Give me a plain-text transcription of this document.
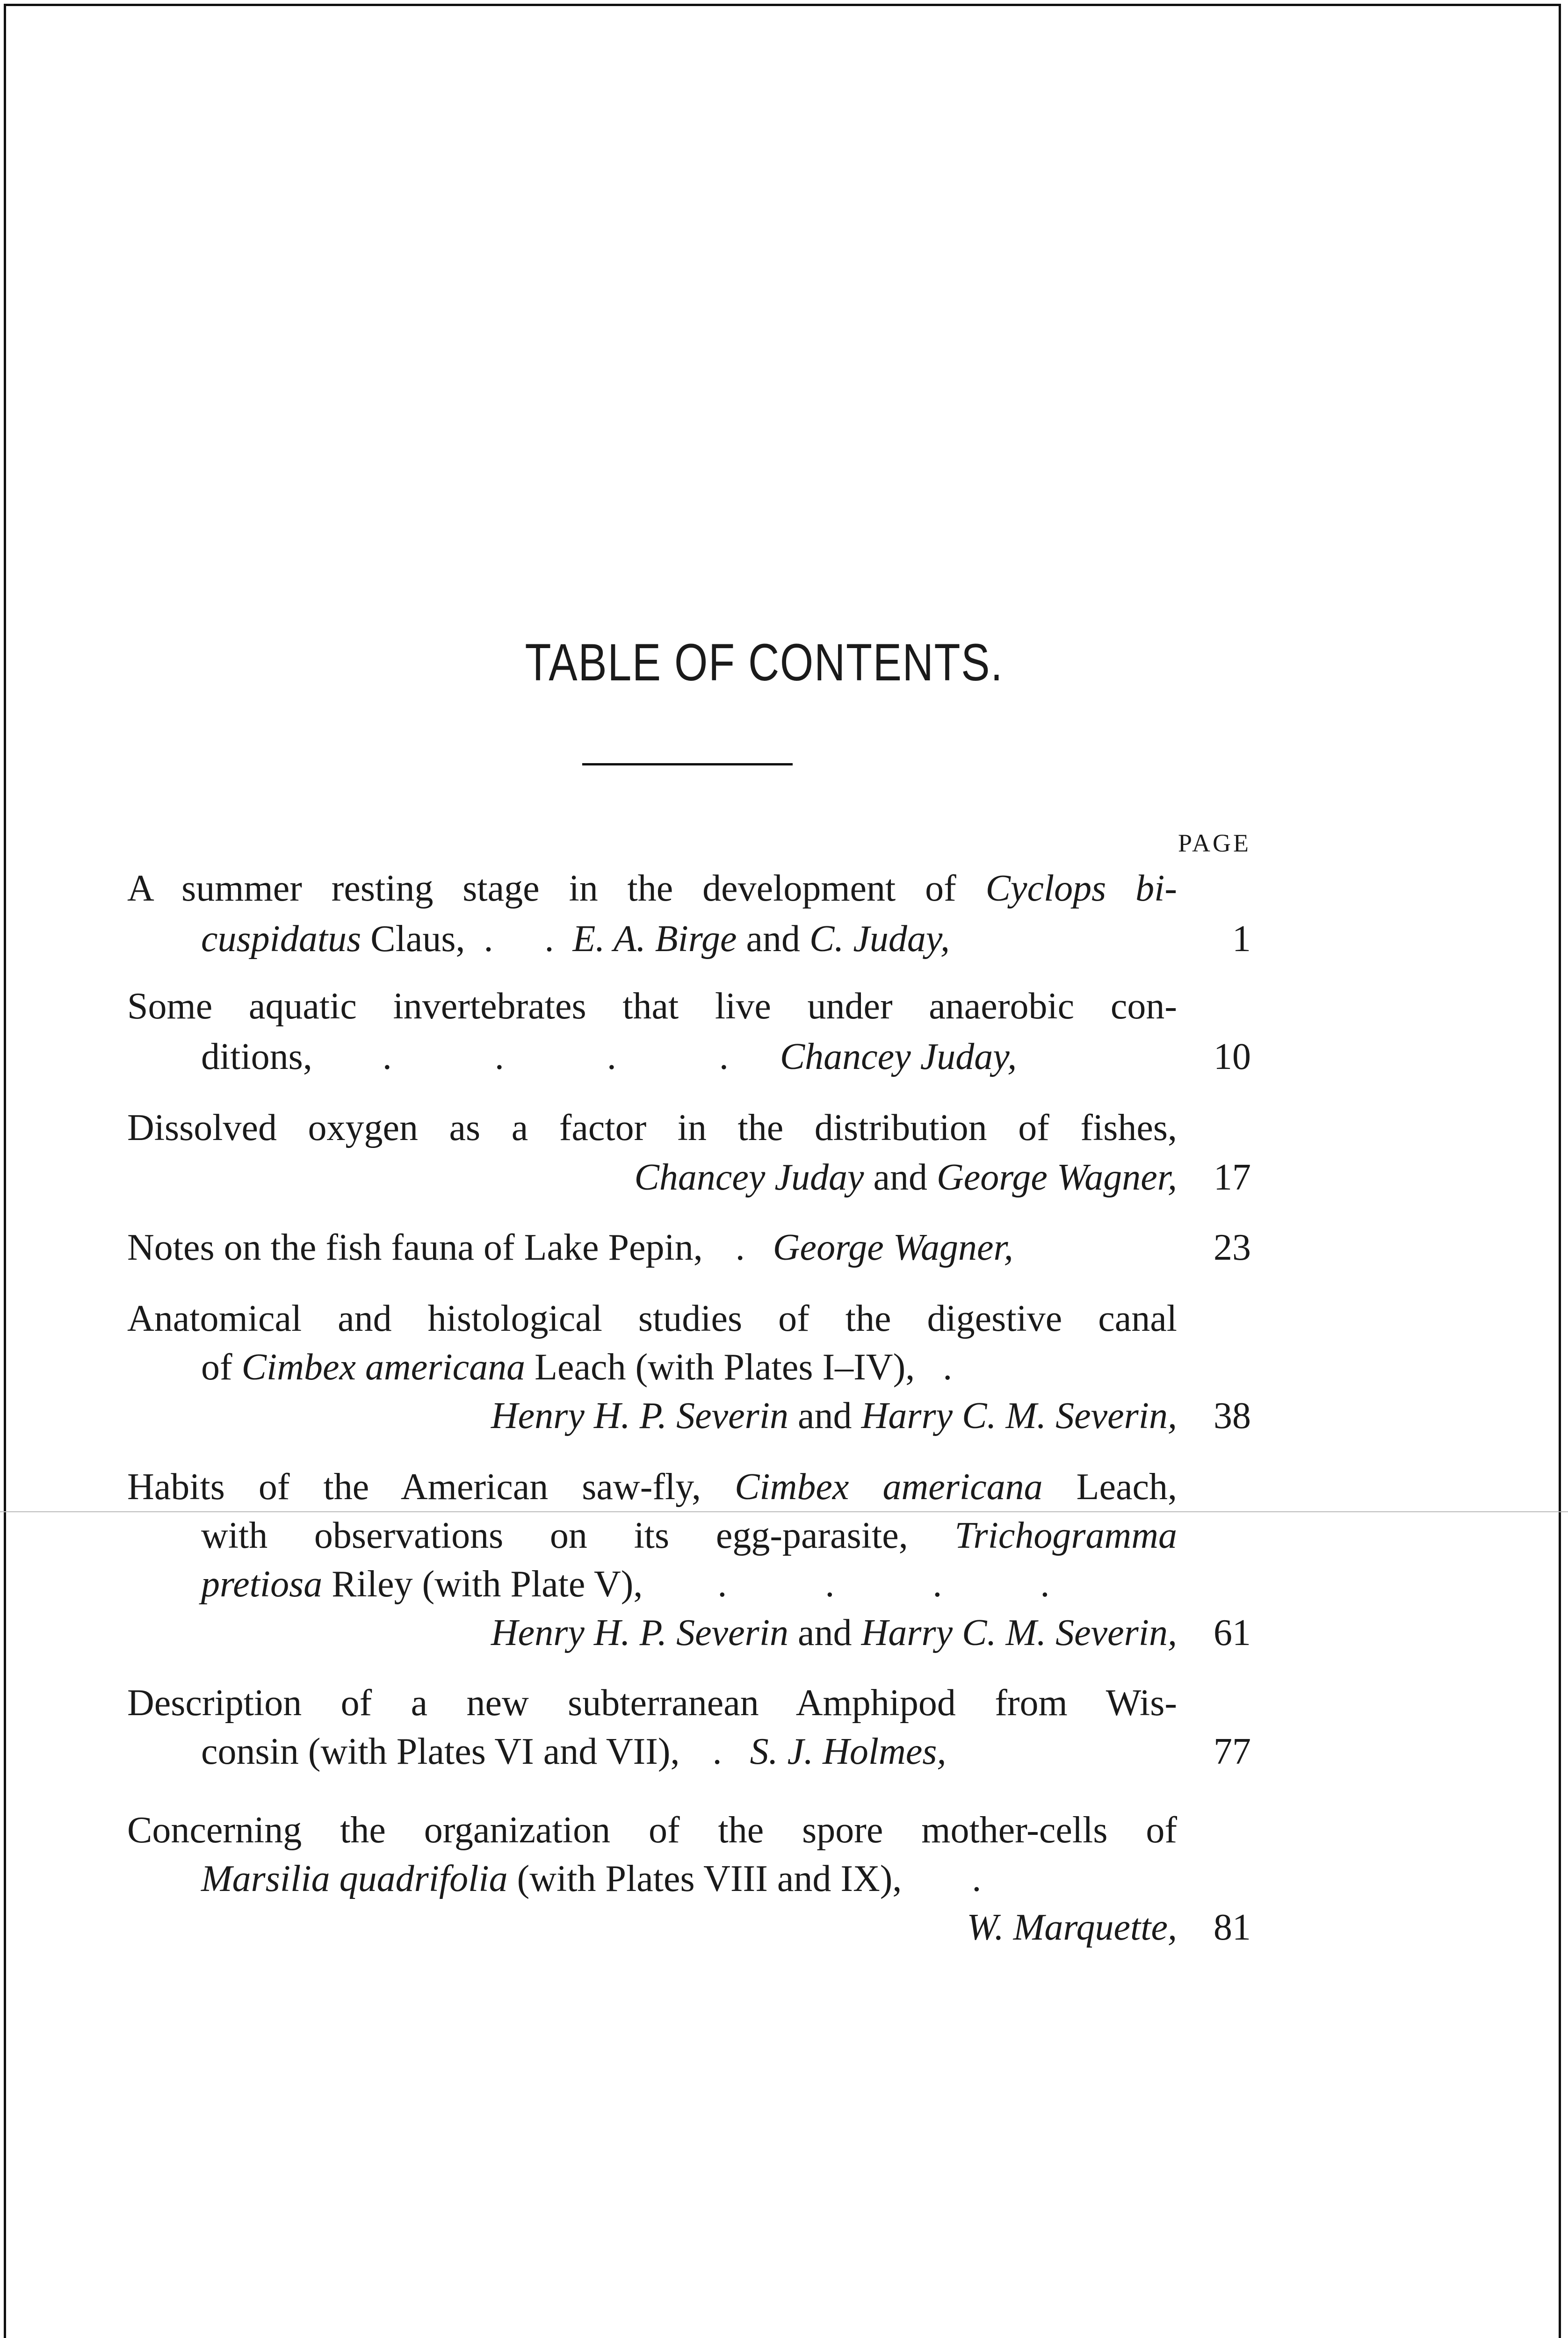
TABLE OF CONTENTS.
PAGE
A summer resting stage in the development of Cyclops bi-
cuspidatus Claus, . . E. A. Birge and C. Juday,	1
Some aquatic invertebrates that live under anaerobic con-
ditions, . . . . Chancey Juday,	10
Dissolved oxygen as a factor in the distribution of fishes,
Chancey Juday and George Wagner, 17
Notes on the fish fauna of Lake Pepin, . George Wagner,	23
Anatomical and histological studies of the digestive canal
of Cimbex americana Leach (with Plates I–IV), .
Henry H. P. Severin and Harry C. M. Severin, 38
Habits of the American saw-fly, Cimbex americana Leach,
with observations on its egg-parasite, Trichogramma
pretiosa Riley (with Plate V), . . . .
Henry H. P. Severin and Harry C. M. Severin, 61
Description of a new subterranean Amphipod from Wis-
consin (with Plates VI and VII), . S. J. Holmes,	77
Concerning the organization of the spore mother-cells of
Marsilia quadrifolia (with Plates VIII and IX), .
W. Marquette, 81
